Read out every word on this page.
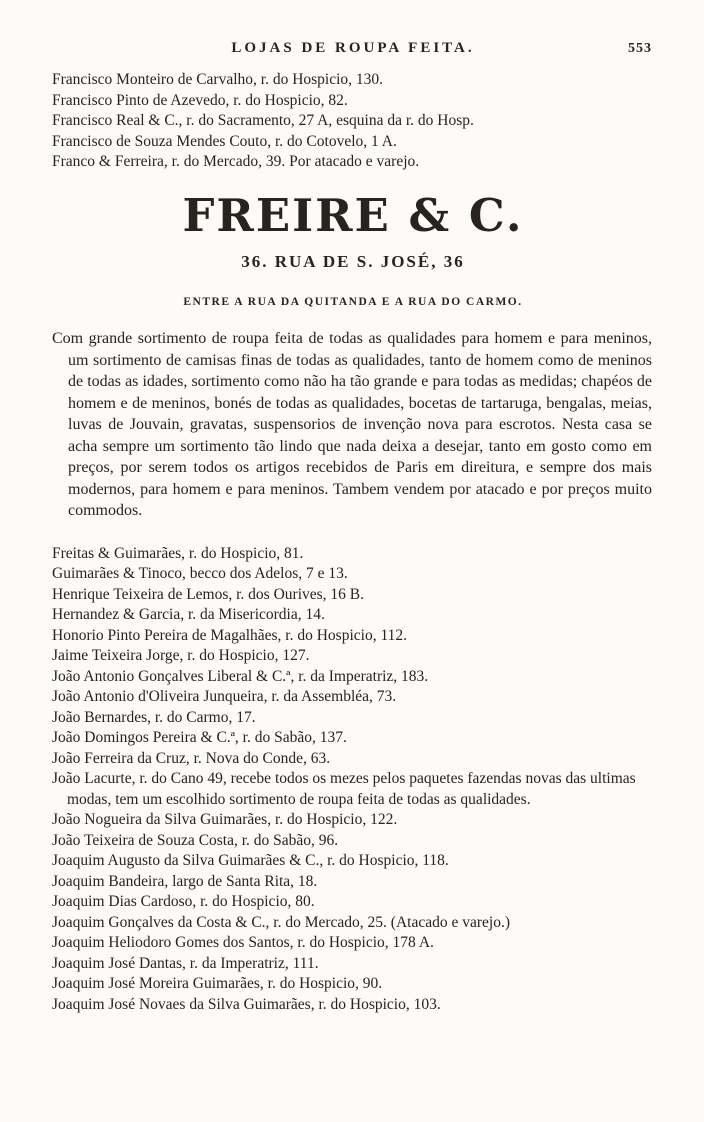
LOJAS DE ROUPA FEITA.	553
Francisco Monteiro de Carvalho, r. do Hospicio, 130.
Francisco Pinto de Azevedo, r. do Hospicio, 82.
Francisco Real & C., r. do Sacramento, 27 A, esquina da r. do Hosp.
Francisco de Souza Mendes Couto, r. do Cotovelo, 1 A.
Franco & Ferreira, r. do Mercado, 39. Por atacado e varejo.
FREIRE & C.
36. RUA DE S. JOSÉ, 36
ENTRE A RUA DA QUITANDA E A RUA DO CARMO.

Com grande sortimento de roupa feita de todas as qualidades para homem e para meninos, um sortimento de camisas finas de todas as qualidades, tanto de homem como de meninos de todas as idades, sortimento como não ha tão grande e para todas as medidas; chapéos de homem e de meninos, bonés de todas as qualidades, bocetas de tartaruga, bengalas, meias, luvas de Jouvain, gravatas, suspensorios de invenção nova para escrotos. Nesta casa se acha sempre um sortimento tão lindo que nada deixa a desejar, tanto em gosto como em preços, por serem todos os artigos recebidos de Paris em direitura, e sempre dos mais modernos, para homem e para meninos. Tambem vendem por atacado e por preços muito commodos.

Freitas & Guimarães, r. do Hospicio, 81.
Guimarães & Tinoco, becco dos Adelos, 7 e 13.
Henrique Teixeira de Lemos, r. dos Ourives, 16 B.
Hernandez & Garcia, r. da Misericordia, 14.
Honorio Pinto Pereira de Magalhães, r. do Hospicio, 112.
Jaime Teixeira Jorge, r. do Hospicio, 127.
João Antonio Gonçalves Liberal & C.ª, r. da Imperatriz, 183.
João Antonio d'Oliveira Junqueira, r. da Assembléa, 73.
João Bernardes, r. do Carmo, 17.
João Domingos Pereira & C.ª, r. do Sabão, 137.
João Ferreira da Cruz, r. Nova do Conde, 63.
João Lacurte, r. do Cano 49, recebe todos os mezes pelos paquetes fazendas novas das ultimas modas, tem um escolhido sortimento de roupa feita de todas as qualidades.
João Nogueira da Silva Guimarães, r. do Hospicio, 122.
João Teixeira de Souza Costa, r. do Sabão, 96.
Joaquim Augusto da Silva Guimarães & C., r. do Hospicio, 118.
Joaquim Bandeira, largo de Santa Rita, 18.
Joaquim Dias Cardoso, r. do Hospicio, 80.
Joaquim Gonçalves da Costa & C., r. do Mercado, 25. (Atacado e varejo.)
Joaquim Heliodoro Gomes dos Santos, r. do Hospicio, 178 A.
Joaquim José Dantas, r. da Imperatriz, 111.
Joaquim José Moreira Guimarães, r. do Hospicio, 90.
Joaquim José Novaes da Silva Guimarães, r. do Hospicio, 103.
